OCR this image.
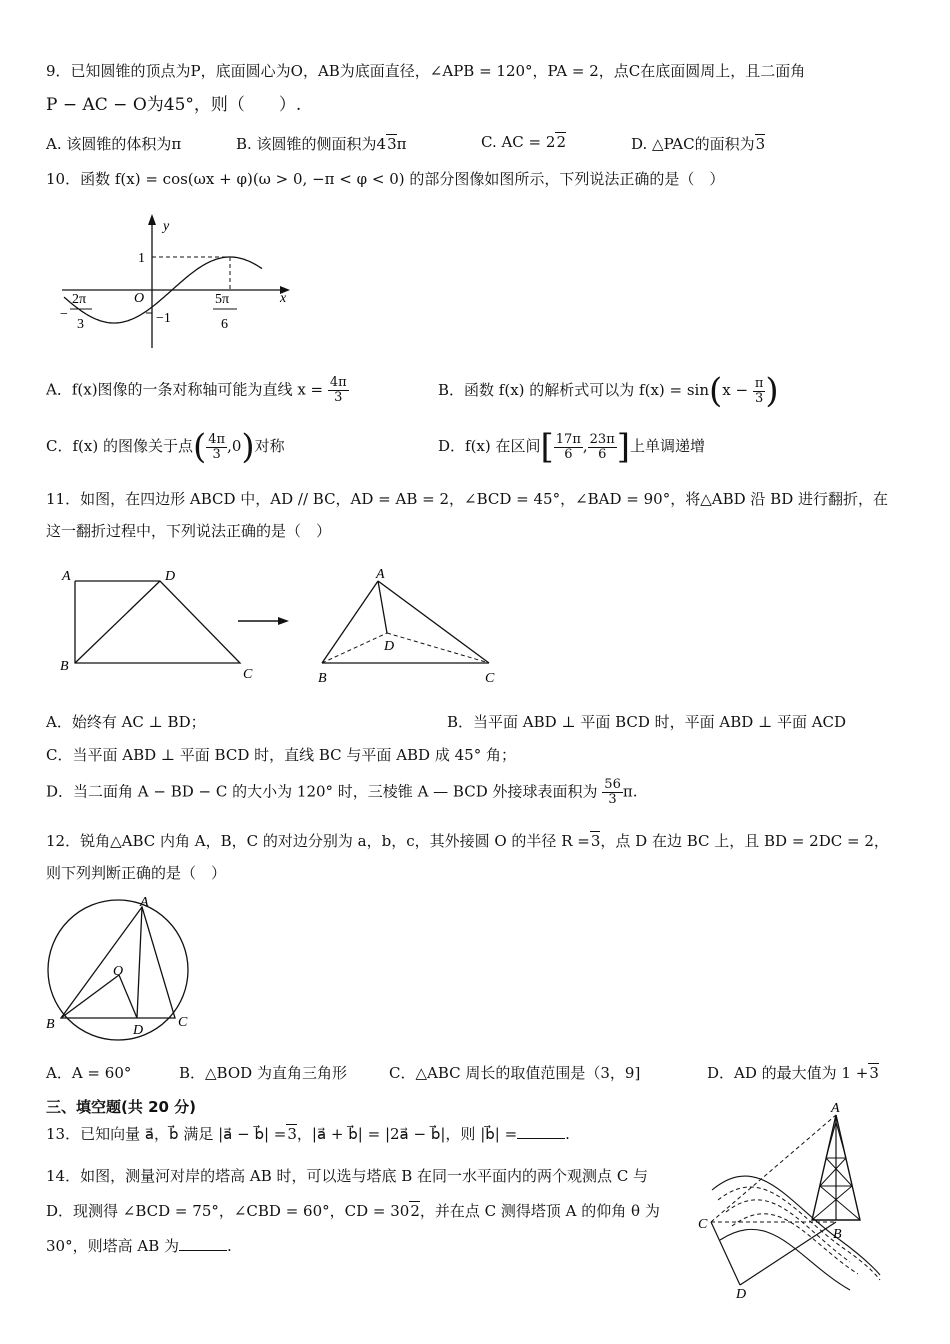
9．已知圆锥的顶点为P，底面圆心为O，AB为底面直径，∠APB = 120°，PA = 2，点C在底面圆周上，且二面角
P − AC − O为45°，则（　　）.
A. 该圆锥的体积为π	B. 该圆锥的侧面积为43π	C. AC = 22	D. △PAC的面积为3
10．函数 f(x) = cos(ωx + φ)(ω > 0, −π < φ < 0) 的部分图像如图所示，下列说法正确的是（　）
y
x
O
1
−1
−
2π
3
5π
6
A．f(x)图像的一条对称轴可能为直线 $x = \frac{4\pi}{3}$	B．函数 f(x) 的解析式可以为 $f(x) = \sin(x - \frac{\pi}{3}$ )
C．f(x) 的图像关于点( $\frac{4\pi}{3} ,0$)对称	D．f(x) 在区间[ $\frac{17\pi}{6}$ , $\frac{23\pi}{6}$ ]上单调递增
11．如图，在四边形 ABCD 中，AD // BC，AD = AB = 2，∠BCD = 45°，∠BAD = 90°，将△ABD 沿 BD 进行翻折，在
这一翻折过程中，下列说法正确的是（　）
A	D
B
C
A
D
B	C
A．始终有 AC ⊥ BD；	B．当平面 ABD ⊥ 平面 BCD 时，平面 ABD ⊥ 平面 ACD
C．当平面 ABD ⊥ 平面 BCD 时，直线 BC 与平面 ABD 成 45° 角；
D．当二面角 A − BD − C 的大小为 120° 时，三棱锥 A — BCD 外接球表面积为 $\frac{56}{3} \pi$.
12．锐角△ABC 内角 A，B，C 的对边分别为 a，b，c，其外接圆 O 的半径 R =3，点 D 在边 BC 上，且 BD = 2DC = 2，
则下列判断正确的是（　）
A
O
B	D
C
A．A = 60°	B．△BOD 为直角三角形	C．△ABC 周长的取值范围是（3，9]	D．AD 的最大值为 1 +3
三、填空题(共 20 分)
13．已知向量 a⃗，b⃗ 满足 |a⃗ − b⃗| =3，|a⃗ + b⃗| = |2a⃗ − b⃗|，则 |b⃗| =	.
14．如图，测量河对岸的塔高 AB 时，可以选与塔底 B 在同一水平面内的两个观测点 C 与
D．现测得 ∠BCD = 75°，∠CBD = 60°，CD = 302，并在点 C 测得塔顶 A 的仰角 θ 为
30°，则塔高 AB 为	.
A
B
C
D
